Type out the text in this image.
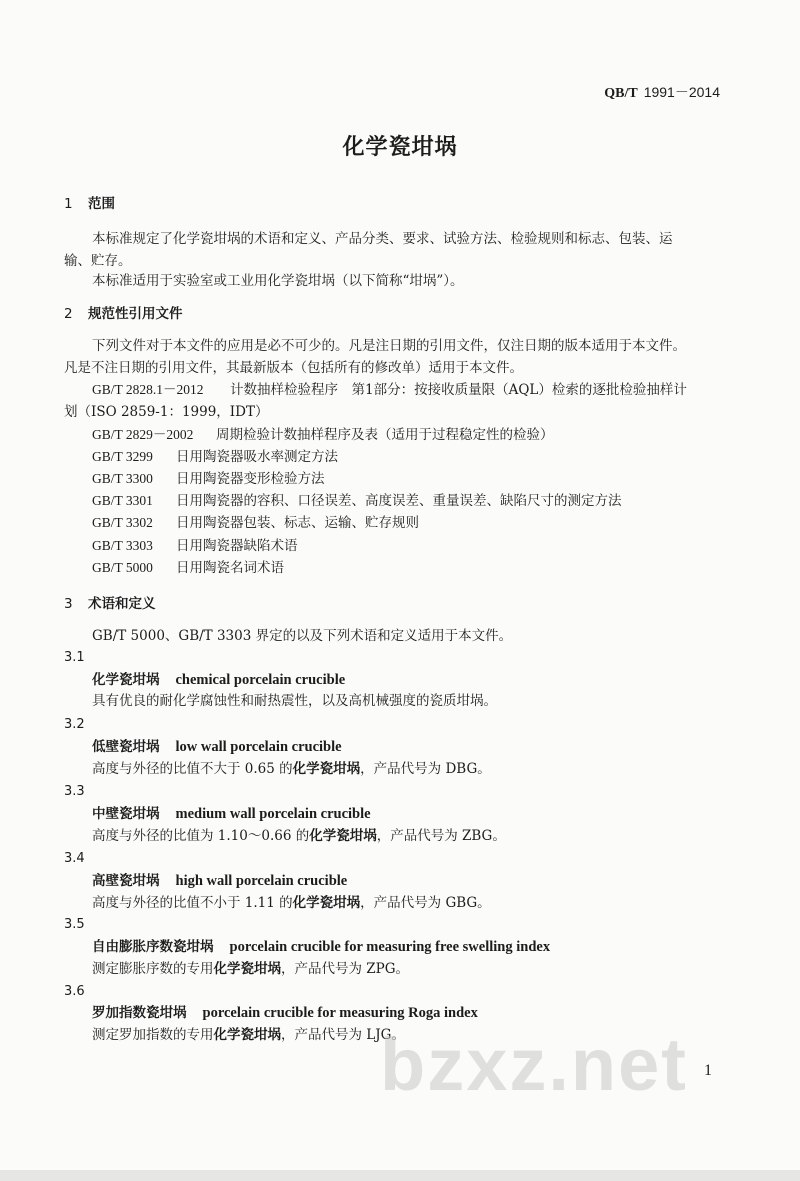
QB/T 1991－2014
化学瓷坩埚
1 范围
本标准规定了化学瓷坩埚的术语和定义、产品分类、要求、试验方法、检验规则和标志、包装、运
输、贮存。
本标准适用于实验室或工业用化学瓷坩埚（以下简称“坩埚”）。
2 规范性引用文件
下列文件对于本文件的应用是必不可少的。凡是注日期的引用文件，仅注日期的版本适用于本文件。
凡是不注日期的引用文件，其最新版本（包括所有的修改单）适用于本文件。
GB/T 2828.1－2012 计数抽样检验程序　第1部分：按接收质量限（AQL）检索的逐批检验抽样计
划（ISO 2859-1：1999，IDT）
GB/T 2829－2002 周期检验计数抽样程序及表（适用于过程稳定性的检验）
GB/T 3299 日用陶瓷器吸水率测定方法
GB/T 3300 日用陶瓷器变形检验方法
GB/T 3301 日用陶瓷器的容积、口径误差、高度误差、重量误差、缺陷尺寸的测定方法
GB/T 3302 日用陶瓷器包装、标志、运输、贮存规则
GB/T 3303 日用陶瓷器缺陷术语
GB/T 5000 日用陶瓷名词术语
3 术语和定义
GB/T 5000、GB/T 3303 界定的以及下列术语和定义适用于本文件。
3.1
化学瓷坩埚 chemical porcelain crucible
具有优良的耐化学腐蚀性和耐热震性，以及高机械强度的瓷质坩埚。
3.2
低壁瓷坩埚 low wall porcelain crucible
高度与外径的比值不大于 0.65 的化学瓷坩埚，产品代号为 DBG。
3.3
中壁瓷坩埚 medium wall porcelain crucible
高度与外径的比值为 1.10～0.66 的化学瓷坩埚，产品代号为 ZBG。
3.4
高壁瓷坩埚 high wall porcelain crucible
高度与外径的比值不小于 1.11 的化学瓷坩埚，产品代号为 GBG。
3.5
自由膨胀序数瓷坩埚 porcelain crucible for measuring free swelling index
测定膨胀序数的专用化学瓷坩埚，产品代号为 ZPG。
3.6
罗加指数瓷坩埚 porcelain crucible for measuring Roga index
测定罗加指数的专用化学瓷坩埚，产品代号为 LJG。
bzxz.net 1
